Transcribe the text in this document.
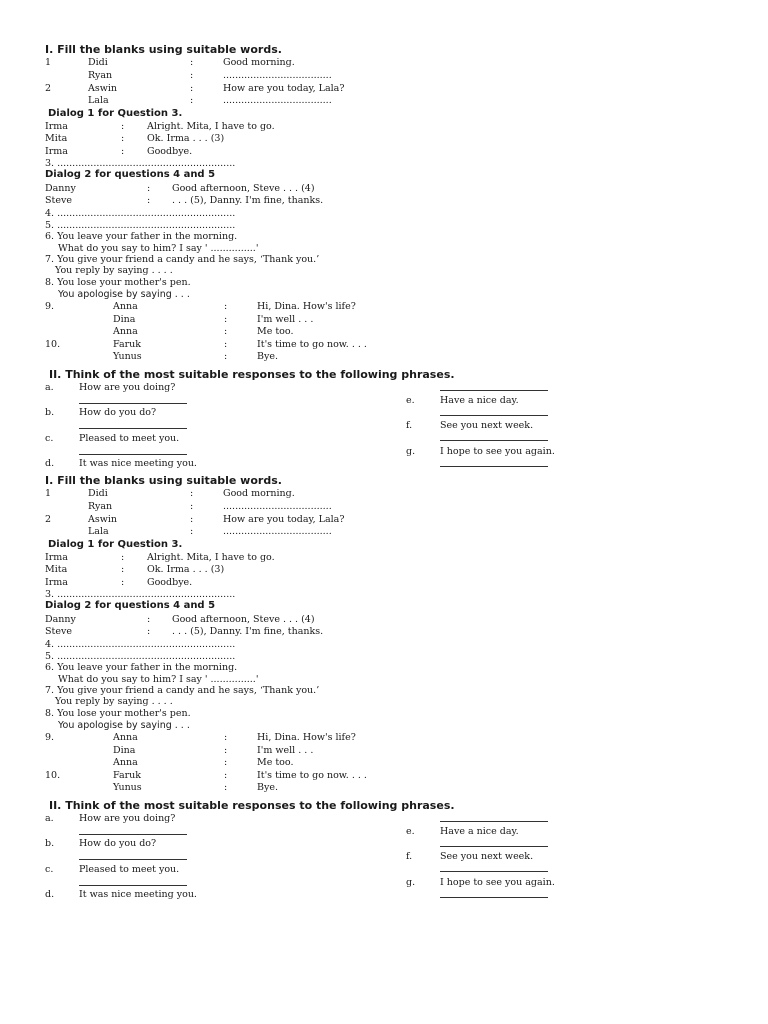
I. Fill the blanks using suitable words.
1	Didi	:	Good morning.
Ryan	:	....................................
2	Aswin	:	How are you today, Lala?
Lala	:	....................................
Dialog 1 for Question 3.
Irma	: Alright. Mita, I have to go.
Mita	: Ok. Irma . . . (3)
Irma	: Goodbye.
3. ...........................................................
Dialog 2 for questions 4 and 5
Danny	: Good afternoon, Steve . . . (4)
Steve	: . . . (5), Danny. I'm fine, thanks.
4. ...........................................................
5. ...........................................................
6. You leave your father in the morning.
What do you say to him? I say ' ...............'
7. You give your friend a candy and he says, ‘Thank you.’
You reply by saying . . . .
8. You lose your mother's pen.
You apologise by saying . . .
9.	Anna	:	Hi, Dina. How's life?
Dina	:	I'm well . . .
Anna	:	Me too.
10.	Faruk	:	It's time to go now. . . .
Yunus	:	Bye.
II. Think of the most suitable responses to the following phrases.
a.	How are you doing?
b.	How do you do?
c.	Pleased to meet you.
d.	It was nice meeting you.
e.	Have a nice day.
f.	See you next week.
g.	I hope to see you again.
I. Fill the blanks using suitable words.
1	Didi	:	Good morning.
Ryan	:	....................................
2	Aswin	:	How are you today, Lala?
Lala	:	....................................
Dialog 1 for Question 3.
Irma	: Alright. Mita, I have to go.
Mita	: Ok. Irma . . . (3)
Irma	: Goodbye.
3. ...........................................................
Dialog 2 for questions 4 and 5
Danny	: Good afternoon, Steve . . . (4)
Steve	: . . . (5), Danny. I'm fine, thanks.
4. ...........................................................
5. ...........................................................
6. You leave your father in the morning.
What do you say to him? I say ' ...............'
7. You give your friend a candy and he says, ‘Thank you.’
You reply by saying . . . .
8. You lose your mother's pen.
You apologise by saying . . .
9.	Anna	:	Hi, Dina. How's life?
Dina	:	I'm well . . .
Anna	:	Me too.
10.	Faruk	:	It's time to go now. . . .
Yunus	:	Bye.
II. Think of the most suitable responses to the following phrases.
a.	How are you doing?
b.	How do you do?
c.	Pleased to meet you.
d.	It was nice meeting you.
e.	Have a nice day.
f.	See you next week.
g.	I hope to see you again.
